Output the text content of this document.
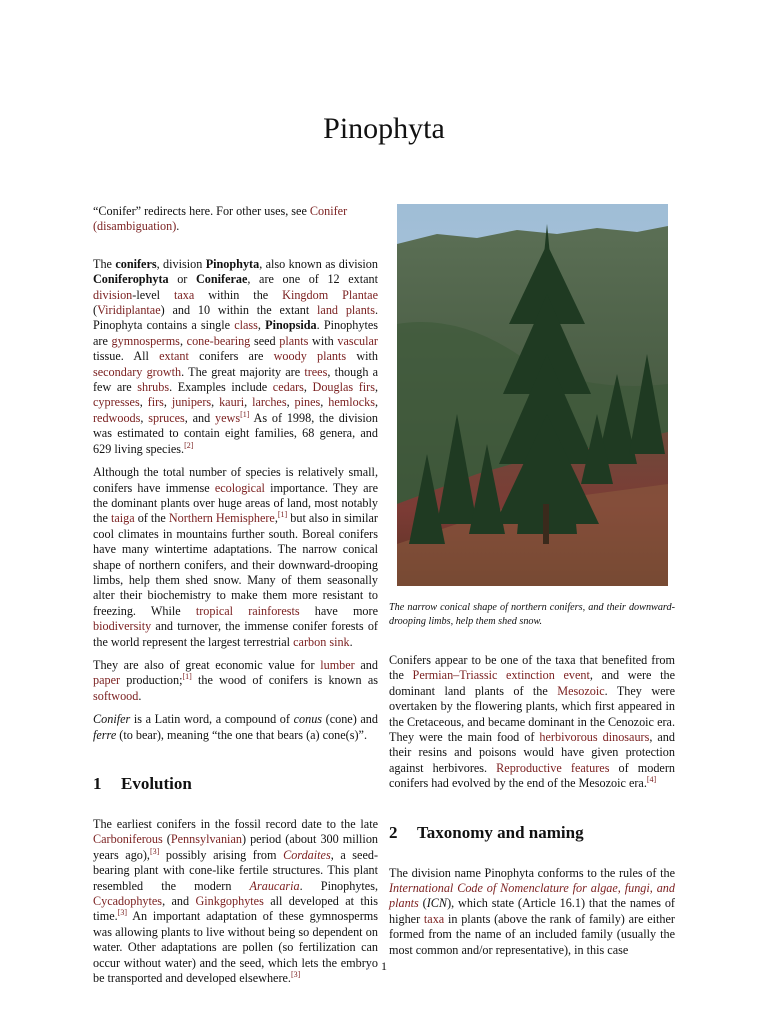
Pinophyta

“Conifer” redirects here. For other uses, see Conifer (disambiguation).

The conifers, division Pinophyta, also known as division Coniferophyta or Coniferae, are one of 12 extant division-level taxa within the Kingdom Plantae (Viridiplantae) and 10 within the extant land plants. Pinophyta contains a single class, Pinopsida. Pinophytes are gymnosperms, cone-bearing seed plants with vascular tissue. All extant conifers are woody plants with secondary growth. The great majority are trees, though a few are shrubs. Examples include cedars, Douglas firs, cypresses, firs, junipers, kauri, larches, pines, hemlocks, redwoods, spruces, and yews[1] As of 1998, the division was estimated to contain eight families, 68 genera, and 629 living species.[2]

Although the total number of species is relatively small, conifers have immense ecological importance. They are the dominant plants over huge areas of land, most notably the taiga of the Northern Hemisphere,[1] but also in similar cool climates in mountains further south. Boreal conifers have many wintertime adaptations. The narrow conical shape of northern conifers, and their downward-drooping limbs, help them shed snow. Many of them seasonally alter their biochemistry to make them more resistant to freezing. While tropical rainforests have more biodiversity and turnover, the immense conifer forests of the world represent the largest terrestrial carbon sink.

They are also of great economic value for lumber and paper production;[1] the wood of conifers is known as softwood.

Conifer is a Latin word, a compound of conus (cone) and ferre (to bear), meaning “the one that bears (a) cone(s)”.

1 Evolution

The earliest conifers in the fossil record date to the late Carboniferous (Pennsylvanian) period (about 300 million years ago),[3] possibly arising from Cordaites, a seed-bearing plant with cone-like fertile structures. This plant resembled the modern Araucaria. Pinophytes, Cycadophytes, and Ginkgophytes all developed at this time.[3] An important adaptation of these gymnosperms was allowing plants to live without being so dependent on water. Other adaptations are pollen (so fertilization can occur without water) and the seed, which lets the embryo be transported and developed elsewhere.[3]

The narrow conical shape of northern conifers, and their downward-drooping limbs, help them shed snow.

Conifers appear to be one of the taxa that benefited from the Permian–Triassic extinction event, and were the dominant land plants of the Mesozoic. They were overtaken by the flowering plants, which first appeared in the Cretaceous, and became dominant in the Cenozoic era. They were the main food of herbivorous dinosaurs, and their resins and poisons would have given protection against herbivores. Reproductive features of modern conifers had evolved by the end of the Mesozoic era.[4]

2 Taxonomy and naming

The division name Pinophyta conforms to the rules of the International Code of Nomenclature for algae, fungi, and plants (ICN), which state (Article 16.1) that the names of higher taxa in plants (above the rank of family) are either formed from the name of an included family (usually the most common and/or representative), in this case

1
